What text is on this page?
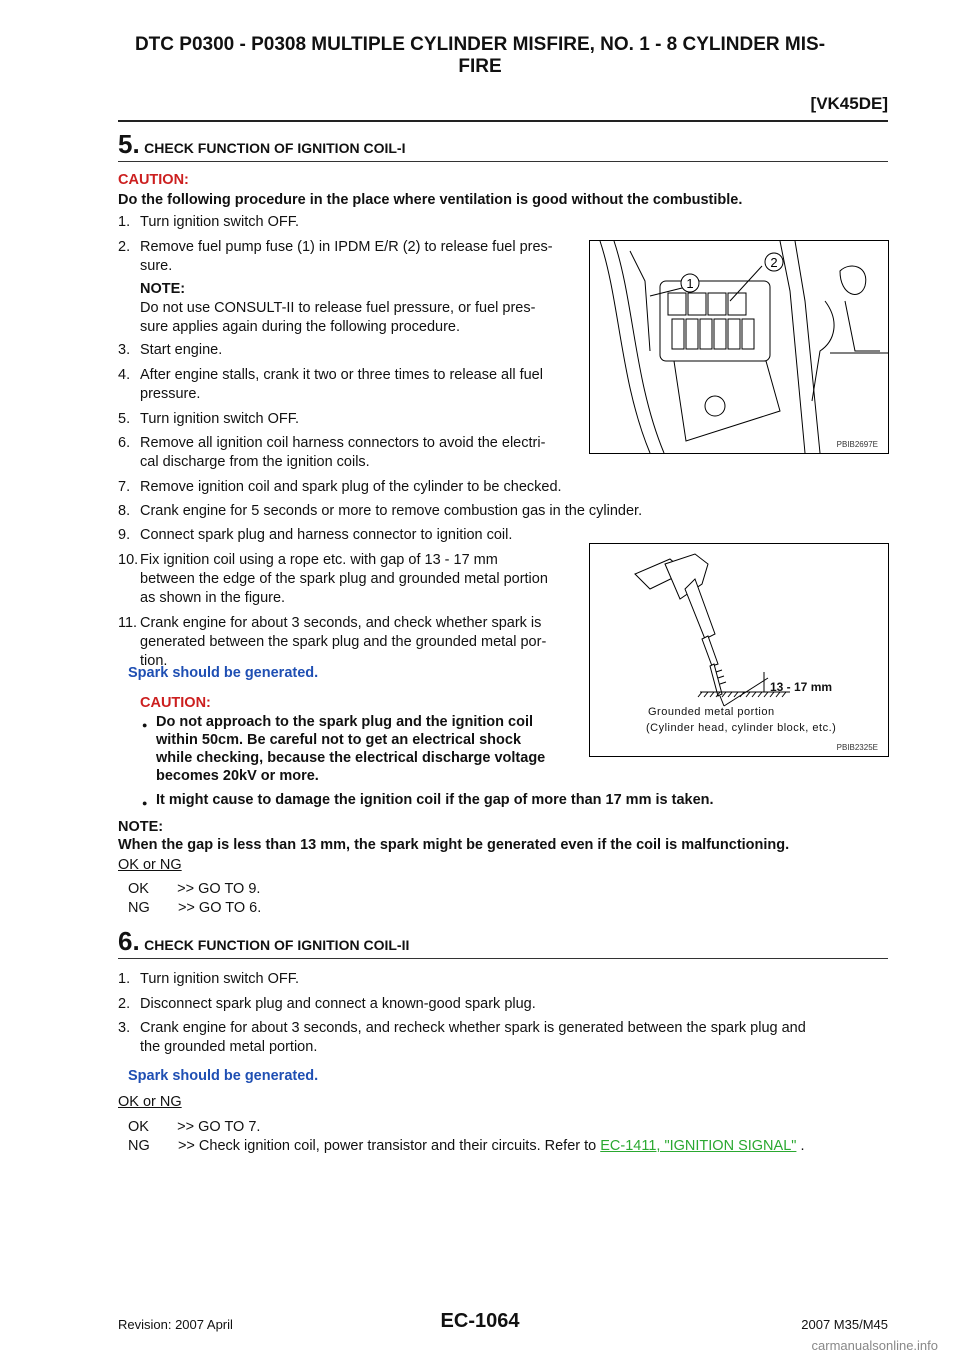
DTC P0300 - P0308 MULTIPLE CYLINDER MISFIRE, NO. 1 - 8 CYLINDER MIS-
FIRE
[VK45DE]
5. CHECK FUNCTION OF IGNITION COIL-I
CAUTION:
Do the following procedure in the place where ventilation is good without the combustible.
1. Turn ignition switch OFF.
2. Remove fuel pump fuse (1) in IPDM E/R (2) to release fuel pres-
sure.
NOTE:
Do not use CONSULT-II to release fuel pressure, or fuel pres-
sure applies again during the following procedure.
3. Start engine.
4. After engine stalls, crank it two or three times to release all fuel
pressure.
5. Turn ignition switch OFF.
6. Remove all ignition coil harness connectors to avoid the electri-
cal discharge from the ignition coils.
7. Remove ignition coil and spark plug of the cylinder to be checked.
8. Crank engine for 5 seconds or more to remove combustion gas in the cylinder.
9. Connect spark plug and harness connector to ignition coil.
10. Fix ignition coil using a rope etc. with gap of 13 - 17 mm
between the edge of the spark plug and grounded metal portion
as shown in the figure.
11. Crank engine for about 3 seconds, and check whether spark is
generated between the spark plug and the grounded metal por-
tion.
Spark should be generated.
CAUTION:
● Do not approach to the spark plug and the ignition coil
within 50cm. Be careful not to get an electrical shock
while checking, because the electrical discharge voltage
becomes 20kV or more.
● It might cause to damage the ignition coil if the gap of more than 17 mm is taken.
NOTE:
When the gap is less than 13 mm, the spark might be generated even if the coil is malfunctioning.
OK or NG
OK       >> GO TO 9.
NG       >> GO TO 6.
1
2
PBIB2697E
13 - 17 mm
Grounded metal portion
(Cylinder head, cylinder block, etc.)
PBIB2325E
6. CHECK FUNCTION OF IGNITION COIL-II
1. Turn ignition switch OFF.
2. Disconnect spark plug and connect a known-good spark plug.
3. Crank engine for about 3 seconds, and recheck whether spark is generated between the spark plug and
the grounded metal portion.
Spark should be generated.
OK or NG
OK       >> GO TO 7.
NG       >> Check ignition coil, power transistor and their circuits. Refer to EC-1411, "IGNITION SIGNAL" .
EC-1064
Revision: 2007 April	2007 M35/M45
carmanualsonline.info
